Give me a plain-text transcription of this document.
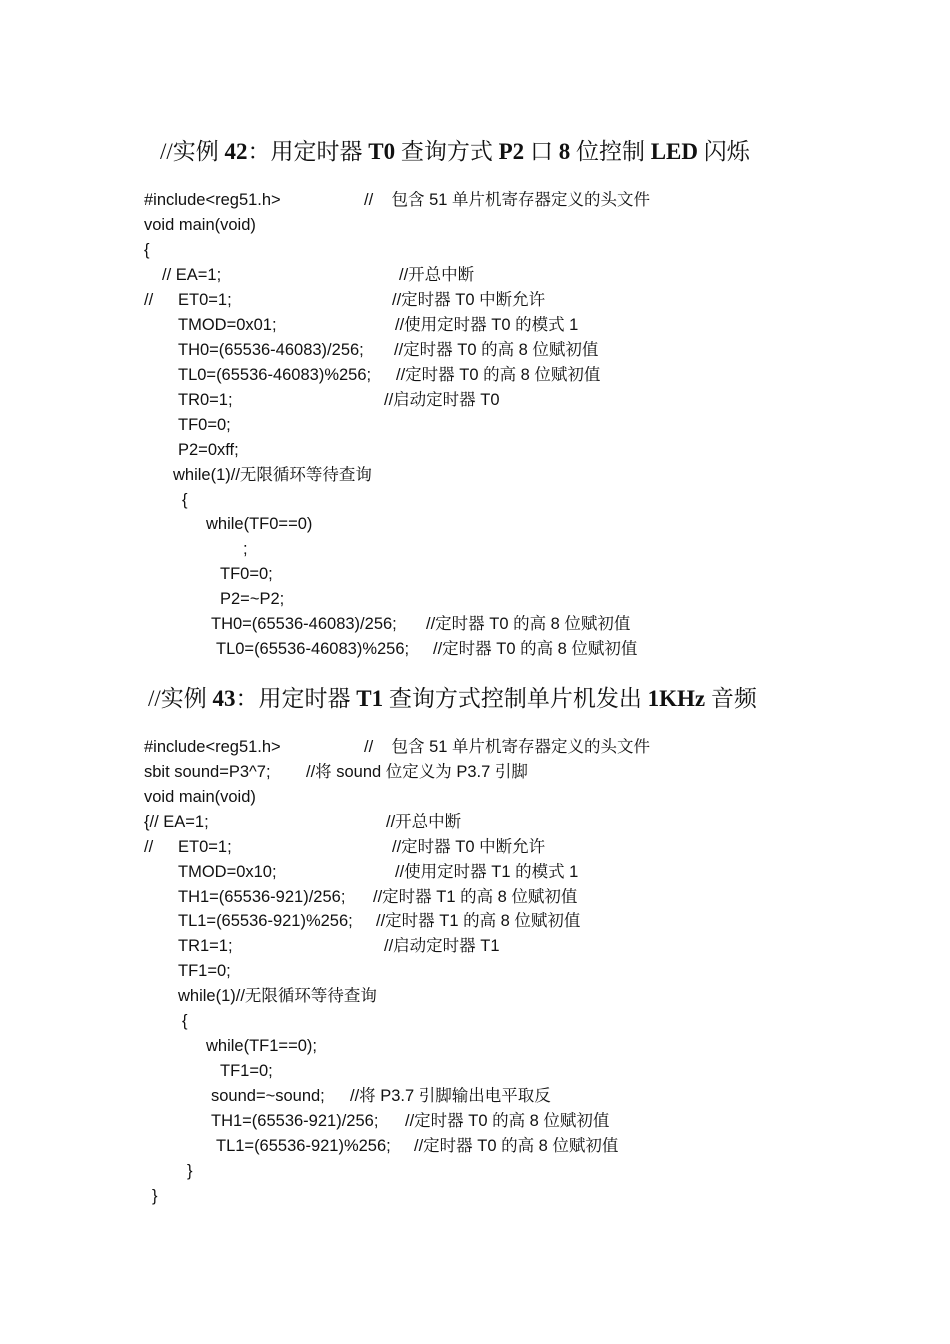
//实例 42：用定时器 T0 查询方式 P2 口 8 位控制 LED 闪烁
#include<reg51.h>	//    包含 51 单片机寄存器定义的头文件
void main(void)
{
// EA=1;	//开总中断
// ET0=1;	//定时器 T0 中断允许
TMOD=0x01;	//使用定时器 T0 的模式 1
TH0=(65536-46083)/256; //定时器 T0 的高 8 位赋初值
TL0=(65536-46083)%256; //定时器 T0 的高 8 位赋初值
TR0=1;	//启动定时器 T0
TF0=0;
P2=0xff;
while(1)//无限循环等待查询
{
while(TF0==0)
;
TF0=0;
P2=~P2;
TH0=(65536-46083)/256; //定时器 T0 的高 8 位赋初值
TL0=(65536-46083)%256; //定时器 T0 的高 8 位赋初值
//实例 43：用定时器 T1 查询方式控制单片机发出 1KHz 音频
#include<reg51.h>	//    包含 51 单片机寄存器定义的头文件
sbit sound=P3^7; //将 sound 位定义为 P3.7 引脚
void main(void)
{// EA=1;	//开总中断
// ET0=1;	//定时器 T0 中断允许
TMOD=0x10;	//使用定时器 T1 的模式 1
TH1=(65536-921)/256; //定时器 T1 的高 8 位赋初值
TL1=(65536-921)%256; //定时器 T1 的高 8 位赋初值
TR1=1;	//启动定时器 T1
TF1=0;
while(1)//无限循环等待查询
{
while(TF1==0);
TF1=0;
sound=~sound; //将 P3.7 引脚输出电平取反
TH1=(65536-921)/256; //定时器 T0 的高 8 位赋初值
TL1=(65536-921)%256; //定时器 T0 的高 8 位赋初值
}
}
